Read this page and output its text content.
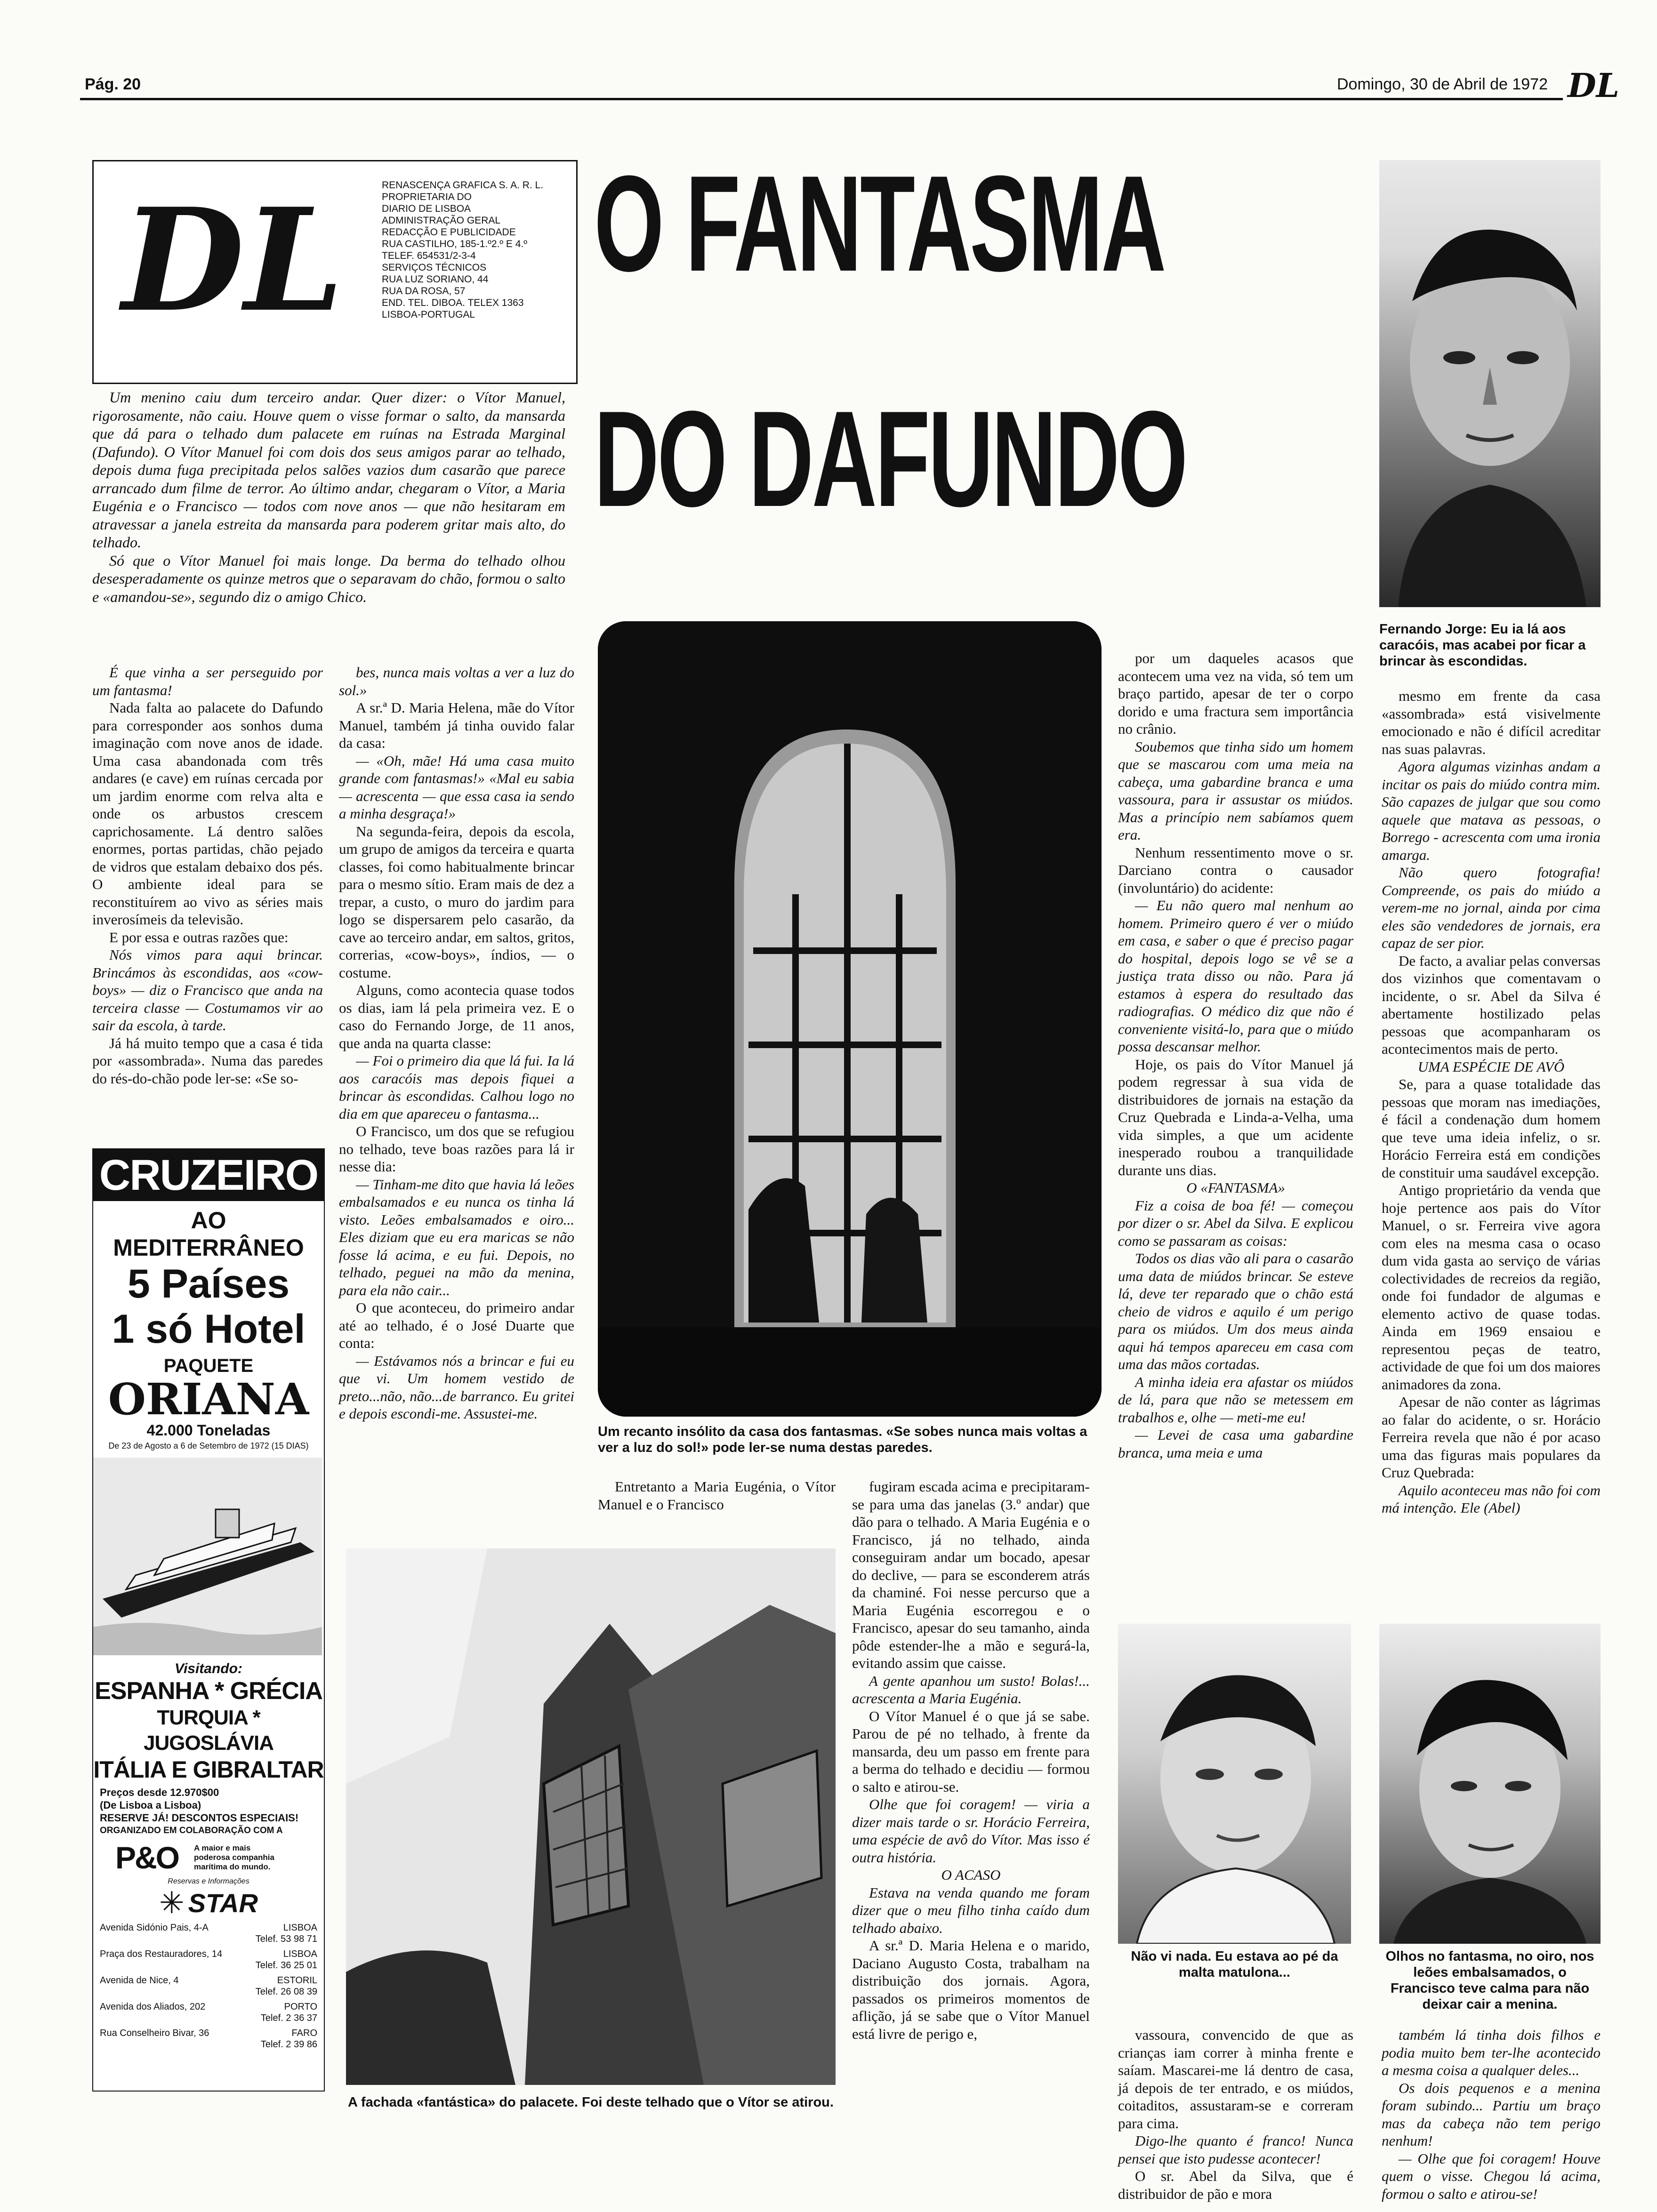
Pág. 20	Domingo, 30 de Abril de 1972 DL
DL	RENASCENÇA GRAFICA S. A. R. L.
PROPRIETARIA DO
DIARIO DE LISBOA
ADMINISTRAÇÃO GERAL
REDACÇÃO E PUBLICIDADE
RUA CASTILHO, 185-1.º2.º E 4.º
TELEF. 654531/2-3-4
SERVIÇOS TÉCNICOS
RUA LUZ SORIANO, 44
RUA DA ROSA, 57
END. TEL. DIBOA. TELEX 1363
LISBOA-PORTUGAL
O FANTASMA
DO DAFUNDO
Fernando Jorge: Eu ia lá aos caracóis, mas acabei por ficar a brincar às escondidas.

Um menino caiu dum terceiro andar. Quer dizer: o Vítor Manuel, rigorosamente, não caiu. Houve quem o visse formar o salto, da mansarda que dá para o telhado dum palacete em ruínas na Estrada Marginal (Dafundo). O Vítor Manuel foi com dois dos seus amigos parar ao telhado, depois duma fuga precipitada pelos salões vazios dum casarão que parece arrancado dum filme de terror. Ao último andar, chegaram o Vítor, a Maria Eugénia e o Francisco — todos com nove anos — que não hesitaram em atravessar a janela estreita da mansarda para poderem gritar mais alto, do telhado.

Só que o Vítor Manuel foi mais longe. Da berma do telhado olhou desesperadamente os quinze metros que o separavam do chão, formou o salto e «amandou-se», segundo diz o amigo Chico.

É que vinha a ser perseguido por um fantasma!

Nada falta ao palacete do Dafundo para corresponder aos sonhos duma imaginação com nove anos de idade. Uma casa abandonada com três andares (e cave) em ruínas cercada por um jardim enorme com relva alta e onde os arbustos crescem caprichosamente. Lá dentro salões enormes, portas partidas, chão pejado de vidros que estalam debaixo dos pés. O ambiente ideal para se reconstituírem ao vivo as séries mais inverosímeis da televisão.

E por essa e outras razões que:

Nós vimos para aqui brincar. Brincámos às escondidas, aos «cow-boys» — diz o Francisco que anda na terceira classe — Costumamos vir ao sair da escola, à tarde.

Já há muito tempo que a casa é tida por «assombrada». Numa das paredes do rés-do-chão pode ler-se: «Se so-

bes, nunca mais voltas a ver a luz do sol.»

A sr.ª D. Maria Helena, mãe do Vítor Manuel, também já tinha ouvido falar da casa:

— «Oh, mãe! Há uma casa muito grande com fantasmas!» «Mal eu sabia — acrescenta — que essa casa ia sendo a minha desgraça!»

Na segunda-feira, depois da escola, um grupo de amigos da terceira e quarta classes, foi como habitualmente brincar para o mesmo sítio. Eram mais de dez a trepar, a custo, o muro do jardim para logo se dispersarem pelo casarão, da cave ao terceiro andar, em saltos, gritos, correrias, «cow-boys», índios, — o costume.

Alguns, como acontecia quase todos os dias, iam lá pela primeira vez. E o caso do Fernando Jorge, de 11 anos, que anda na quarta classe:

— Foi o primeiro dia que lá fui. Ia lá aos caracóis mas depois fiquei a brincar às escondidas. Calhou logo no dia em que apareceu o fantasma...

O Francisco, um dos que se refugiou no telhado, teve boas razões para lá ir nesse dia:

— Tinham-me dito que havia lá leões embalsamados e eu nunca os tinha lá visto. Leões embalsamados e oiro... Eles diziam que eu era maricas se não fosse lá acima, e eu fui. Depois, no telhado, peguei na mão da menina, para ela não cair...

O que aconteceu, do primeiro andar até ao telhado, é o José Duarte que conta:

— Estávamos nós a brincar e fui eu que vi. Um homem vestido de preto...não, não...de barranco. Eu gritei e depois escondi-me. Assustei-me.

CRUZEIRO
AO MEDITERRÂNEO
5 Países
1 só Hotel
PAQUETE
ORIANA
42.000 Toneladas
De 23 de Agosto a 6 de Setembro de 1972 (15 DIAS)
Visitando:
ESPANHA * GRÉCIA
TURQUIA * JUGOSLÁVIA
ITÁLIA E GIBRALTAR
Preços desde 12.970$00
(De Lisboa a Lisboa)
RESERVE JÁ! DESCONTOS ESPECIAIS!
ORGANIZADO EM COLABORAÇÃO COM A
P&O	A maior e mais poderosa companhia marítima do mundo.
Reservas e Informações
✳ STAR
Avenida Sidónio Pais, 4-A	LISBOA
Telef. 53 98 71
Praça dos Restauradores, 14	LISBOA
Telef. 36 25 01
Avenida de Nice, 4	ESTORIL
Telef. 26 08 39
Avenida dos Aliados, 202	PORTO
Telef. 2 36 37
Rua Conselheiro Bivar, 36	FARO
Telef. 2 39 86
Um recanto insólito da casa dos fantasmas. «Se sobes nunca mais voltas a ver a luz do sol!» pode ler-se numa destas paredes.

Entretanto a Maria Eugénia, o Vítor Manuel e o Francisco

A fachada «fantástica» do palacete. Foi deste telhado que o Vítor se atirou.

por um daqueles acasos que acontecem uma vez na vida, só tem um braço partido, apesar de ter o corpo dorido e uma fractura sem importância no crânio.

Soubemos que tinha sido um homem que se mascarou com uma meia na cabeça, uma gabardine branca e uma vassoura, para ir assustar os miúdos. Mas a princípio nem sabíamos quem era.

Nenhum ressentimento move o sr. Darciano contra o causador (involuntário) do acidente:

— Eu não quero mal nenhum ao homem. Primeiro quero é ver o miúdo em casa, e saber o que é preciso pagar do hospital, depois logo se vê se a justiça trata disso ou não. Para já estamos à espera do resultado das radiografias. O médico diz que não é conveniente visitá-lo, para que o miúdo possa descansar melhor.

Hoje, os pais do Vítor Manuel já podem regressar à sua vida de distribuidores de jornais na estação da Cruz Quebrada e Linda-a-Velha, uma vida simples, a que um acidente inesperado roubou a tranquilidade durante uns dias.

O «FANTASMA»

Fiz a coisa de boa fé! — começou por dizer o sr. Abel da Silva. E explicou como se passaram as coisas:

Todos os dias vão ali para o casarão uma data de miúdos brincar. Se esteve lá, deve ter reparado que o chão está cheio de vidros e aquilo é um perigo para os miúdos. Um dos meus ainda aqui há tempos apareceu em casa com uma das mãos cortadas.

A minha ideia era afastar os miúdos de lá, para que não se metessem em trabalhos e, olhe — meti-me eu!

— Levei de casa uma gabardine branca, uma meia e uma

mesmo em frente da casa «assombrada» está visivelmente emocionado e não é difícil acreditar nas suas palavras.

Agora algumas vizinhas andam a incitar os pais do miúdo contra mim. São capazes de julgar que sou como aquele que matava as pessoas, o Borrego - acrescenta com uma ironia amarga.

Não quero fotografia! Compreende, os pais do miúdo a verem-me no jornal, ainda por cima eles são vendedores de jornais, era capaz de ser pior.

De facto, a avaliar pelas conversas dos vizinhos que comentavam o incidente, o sr. Abel da Silva é abertamente hostilizado pelas pessoas que acompanharam os acontecimentos mais de perto.

UMA ESPÉCIE DE AVÔ

Se, para a quase totalidade das pessoas que moram nas imediações, é fácil a condenação dum homem que teve uma ideia infeliz, o sr. Horácio Ferreira está em condições de constituir uma saudável excepção.

Antigo proprietário da venda que hoje pertence aos pais do Vítor Manuel, o sr. Ferreira vive agora com eles na mesma casa o ocaso dum vida gasta ao serviço de várias colectividades de recreios da região, onde foi fundador de algumas e elemento activo de quase todas. Ainda em 1969 ensaiou e representou peças de teatro, actividade de que foi um dos maiores animadores da zona.

Apesar de não conter as lágrimas ao falar do acidente, o sr. Horácio Ferreira revela que não é por acaso uma das figuras mais populares da Cruz Quebrada:

Aquilo aconteceu mas não foi com má intenção. Ele (Abel)

fugiram escada acima e precipitaram-se para uma das janelas (3.º andar) que dão para o telhado. A Maria Eugénia e o Francisco, já no telhado, ainda conseguiram andar um bocado, apesar do declive, — para se esconderem atrás da chaminé. Foi nesse percurso que a Maria Eugénia escorregou e o Francisco, apesar do seu tamanho, ainda pôde estender-lhe a mão e segurá-la, evitando assim que caisse.

A gente apanhou um susto! Bolas!... acrescenta a Maria Eugénia.

O Vítor Manuel é o que já se sabe. Parou de pé no telhado, à frente da mansarda, deu um passo em frente para a berma do telhado e decidiu — formou o salto e atirou-se.

Olhe que foi coragem! — viria a dizer mais tarde o sr. Horácio Ferreira, uma espécie de avô do Vítor. Mas isso é outra história.

O ACASO

Estava na venda quando me foram dizer que o meu filho tinha caído dum telhado abaixo.

A sr.ª D. Maria Helena e o marido, Daciano Augusto Costa, trabalham na distribuição dos jornais. Agora, passados os primeiros momentos de aflição, já se sabe que o Vítor Manuel está livre de perigo e,

Não vi nada. Eu estava ao pé da malta matulona...
Olhos no fantasma, no oiro, nos leões embalsamados, o Francisco teve calma para não deixar cair a menina.

vassoura, convencido de que as crianças iam correr à minha frente e saíam. Mascarei-me lá dentro de casa, já depois de ter entrado, e os miúdos, coitaditos, assustaram-se e correram para cima.

Digo-lhe quanto é franco! Nunca pensei que isto pudesse acontecer!

O sr. Abel da Silva, que é distribuidor de pão e mora

também lá tinha dois filhos e podia muito bem ter-lhe acontecido a mesma coisa a qualquer deles...

Os dois pequenos e a menina foram subindo... Partiu um braço mas da cabeça não tem perigo nenhum!

— Olhe que foi coragem! Houve quem o visse. Chegou lá acima, formou o salto e atirou-se!
